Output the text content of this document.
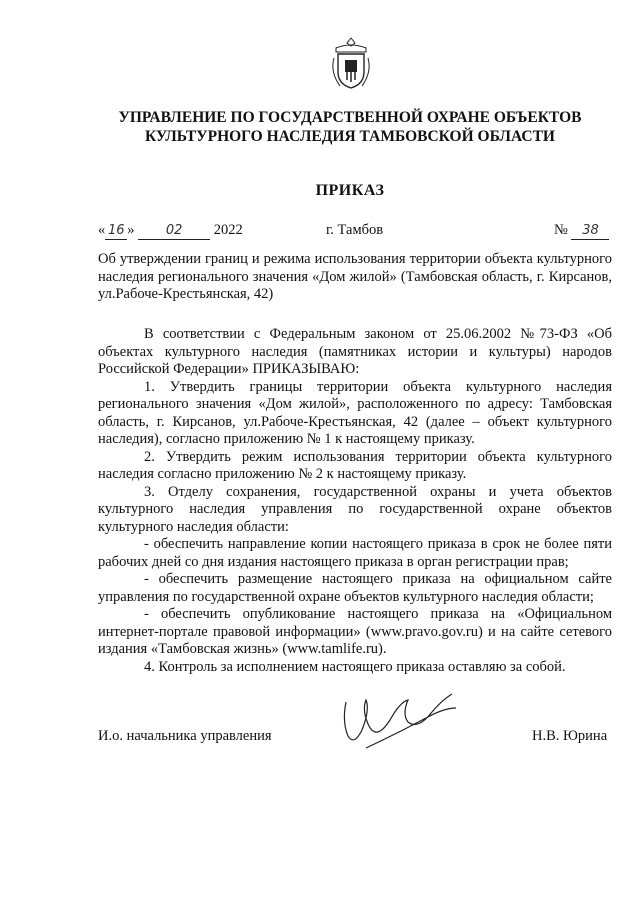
УПРАВЛЕНИЕ ПО ГОСУДАРСТВЕННОЙ ОХРАНЕ ОБЪЕКТОВ
КУЛЬТУРНОГО НАСЛЕДИЯ ТАМБОВСКОЙ ОБЛАСТИ
ПРИКАЗ
« 16 » 02 2022	г. Тамбов	№ 38
Об утверждении границ и режима использования территории объекта культурного наследия регионального значения «Дом жилой» (Тамбовская область, г. Кирсанов, ул.Рабоче-Крестьянская, 42)

В соответствии с Федеральным законом от 25.06.2002 №73-ФЗ «Об объектах культурного наследия (памятниках истории и культуры) народов Российской Федерации» ПРИКАЗЫВАЮ:

1. Утвердить границы территории объекта культурного наследия регионального значения «Дом жилой», расположенного по адресу: Тамбовская область, г. Кирсанов, ул.Рабоче-Крестьянская, 42 (далее – объект культурного наследия), согласно приложению № 1 к настоящему приказу.

2. Утвердить режим использования территории объекта культурного наследия согласно приложению № 2 к настоящему приказу.

3. Отделу сохранения, государственной охраны и учета объектов культурного наследия управления по государственной охране объектов культурного наследия области:

- обеспечить направление копии настоящего приказа в срок не более пяти рабочих дней со дня издания настоящего приказа в орган регистрации прав;

- обеспечить размещение настоящего приказа на официальном сайте управления по государственной охране объектов культурного наследия области;

- обеспечить опубликование настоящего приказа на «Официальном интернет-портале правовой информации» (www.pravo.gov.ru) и на сайте сетевого издания «Тамбовская жизнь» (www.tamlife.ru).

4. Контроль за исполнением настоящего приказа оставляю за собой.

И.о. начальника управления	Н.В. Юрина
